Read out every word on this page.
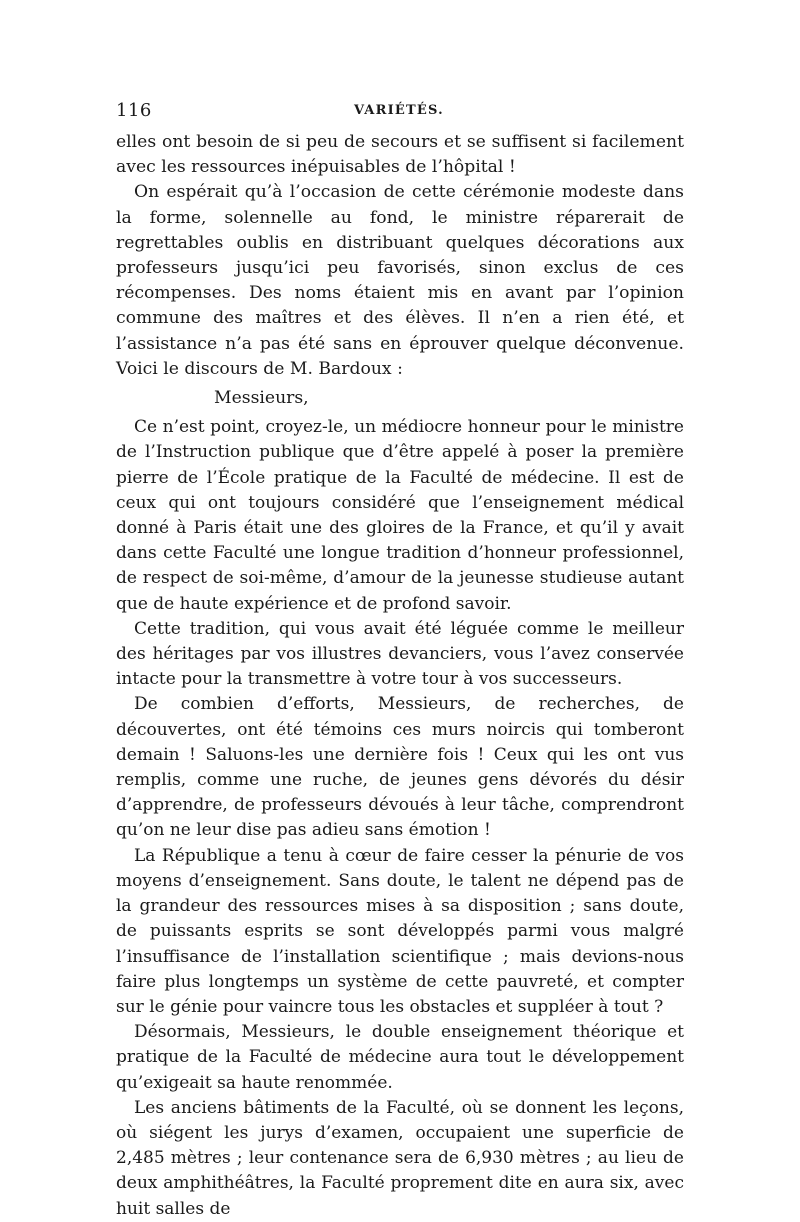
116	VARIÉTÉS.

elles ont besoin de si peu de secours et se suffisent si facilement avec les ressources inépuisables de l’hôpital !

On espérait qu’à l’occasion de cette cérémonie modeste dans la forme, solennelle au fond, le ministre réparerait de regrettables oublis en distribuant quelques décorations aux professeurs jusqu’ici peu favorisés, sinon exclus de ces récompenses. Des noms étaient mis en avant par l’opinion commune des maîtres et des élèves. Il n’en a rien été, et l’assistance n’a pas été sans en éprouver quelque déconvenue. Voici le discours de M. Bardoux :

Messieurs,

Ce n’est point, croyez-le, un médiocre honneur pour le ministre de l’Instruction publique que d’être appelé à poser la première pierre de l’École pratique de la Faculté de médecine. Il est de ceux qui ont toujours considéré que l’enseignement médical donné à Paris était une des gloires de la France, et qu’il y avait dans cette Faculté une longue tradition d’honneur professionnel, de respect de soi-même, d’amour de la jeunesse studieuse autant que de haute expérience et de profond savoir.

Cette tradition, qui vous avait été léguée comme le meilleur des héritages par vos illustres devanciers, vous l’avez conservée intacte pour la transmettre à votre tour à vos successeurs.

De combien d’efforts, Messieurs, de recherches, de découvertes, ont été témoins ces murs noircis qui tomberont demain ! Saluons-les une dernière fois ! Ceux qui les ont vus remplis, comme une ruche, de jeunes gens dévorés du désir d’apprendre, de professeurs dévoués à leur tâche, comprendront qu’on ne leur dise pas adieu sans émotion !

La République a tenu à cœur de faire cesser la pénurie de vos moyens d’enseignement. Sans doute, le talent ne dépend pas de la grandeur des ressources mises à sa disposition ; sans doute, de puissants esprits se sont développés parmi vous malgré l’insuffisance de l’installation scientifique ; mais devions-nous faire plus longtemps un système de cette pauvreté, et compter sur le génie pour vaincre tous les obstacles et suppléer à tout ?

Désormais, Messieurs, le double enseignement théorique et pratique de la Faculté de médecine aura tout le développement qu’exigeait sa haute renommée.

Les anciens bâtiments de la Faculté, où se donnent les leçons, où siégent les jurys d’examen, occupaient une superficie de 2,485 mètres ; leur contenance sera de 6,930 mètres ; au lieu de deux amphithéâtres, la Faculté proprement dite en aura six, avec huit salles de
